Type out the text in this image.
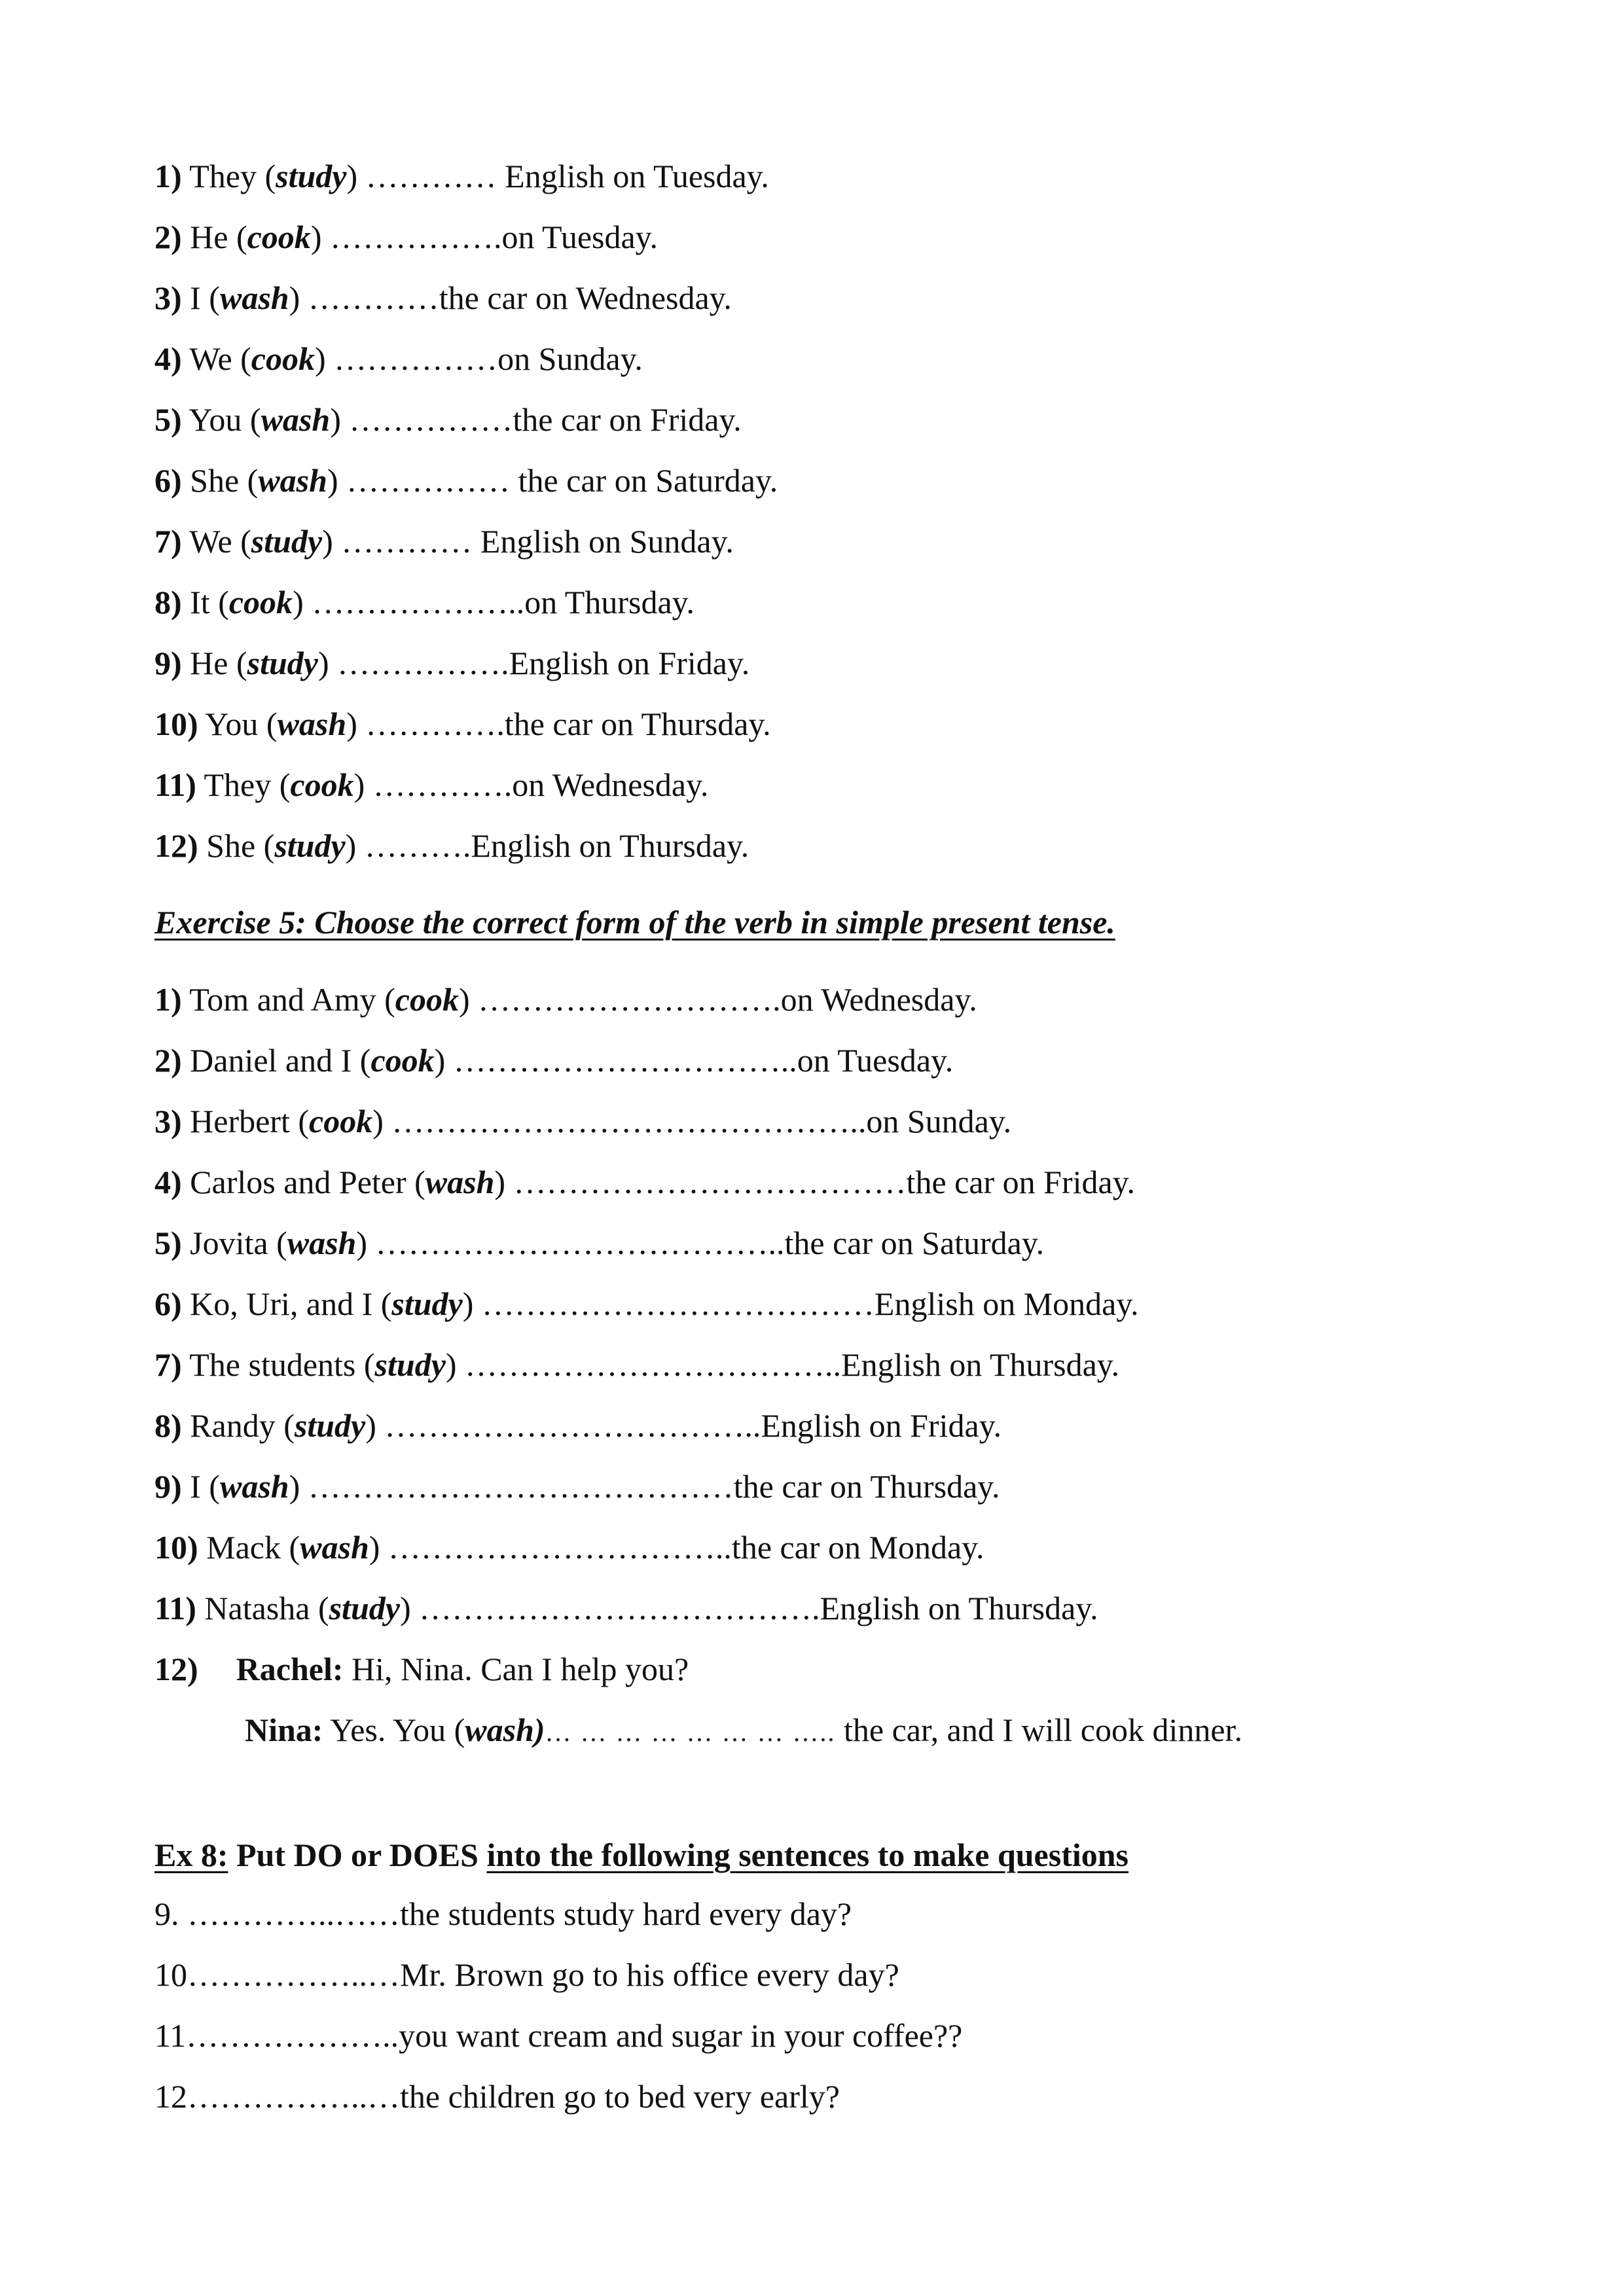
1) They (study) ………… English on Tuesday.
2) He (cook) …………….on Tuesday.
3) I (wash) …………the car on Wednesday.
4) We (cook) ……………on Sunday.
5) You (wash) ……………the car on Friday.
6) She (wash) …………… the car on Saturday.
7) We (study) ………… English on Sunday.
8) It (cook) ………………..on Thursday.
9) He (study) …………….English on Friday.
10) You (wash) ………….the car on Thursday.
11) They (cook) ………….on Wednesday.
12) She (study) ……….English on Thursday.
Exercise 5: Choose the correct form of the verb in simple present tense.
1) Tom and Amy (cook) ……………………….on Wednesday.
2) Daniel and I (cook) …………………………..on Tuesday.
3) Herbert (cook) ……………………………………..on Sunday.
4) Carlos and Peter (wash) ………………………………the car on Friday.
5) Jovita (wash) ………………………………..the car on Saturday.
6) Ko, Uri, and I (study) ………………………………English on Monday.
7) The students (study) ……………………………..English on Thursday.
8) Randy (study) ……………………………..English on Friday.
9) I (wash) …………………………………the car on Thursday.
10) Mack (wash) …………………………..the car on Monday.
11) Natasha (study) ……………………………….English on Thursday.
12) Rachel: Hi, Nina. Can I help you?
Nina: Yes. You (wash)… … … … … … … ….. the car, and I will cook dinner.
Ex 8: Put DO or DOES into the following sentences to make questions
9. …………..……the students study hard every day?
10……………..…Mr. Brown go to his office every day?
11………………..you want cream and sugar in your coffee??
12……………..…the children go to bed very early?
